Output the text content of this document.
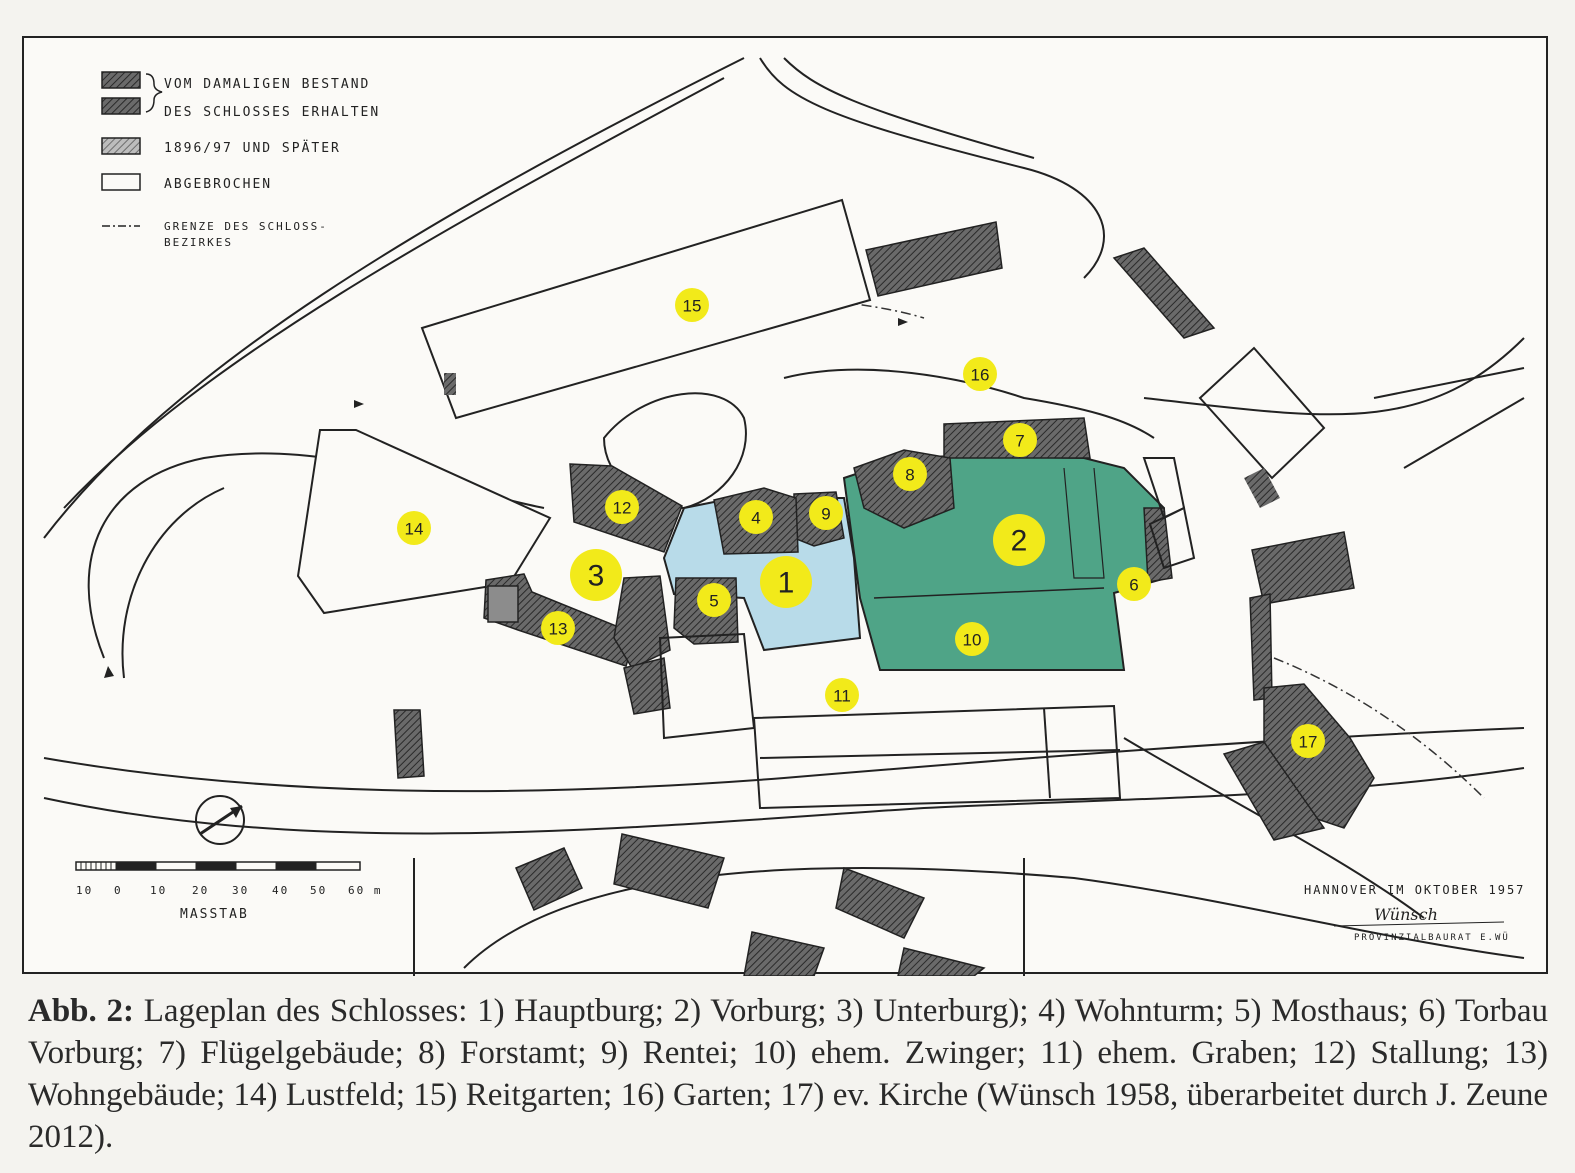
VOM DAMALIGEN BESTAND
DES SCHLOSSES ERHALTEN
1896/97 UND SPÄTER
ABGEBROCHEN
GRENZE DES SCHLOSS-
BEZIRKES
10 0 10 20 30 40 50 60 m
MASSTAB
HANNOVER IM OKTOBER 1957
Wünsch
PROVINZIALBAURAT E.WÜ
1
2
3
4
5
6
7
8
9
10
11
12
13
14
15
16
17
Abb. 2: Lageplan des Schlosses: 1) Hauptburg; 2) Vorburg; 3) Unterburg); 4) Wohnturm; 5) Mosthaus; 6) Torbau Vorburg; 7) Flügelgebäude; 8) Forstamt; 9) Rentei; 10) ehem. Zwinger; 11) ehem. Graben; 12) Stallung; 13) Wohngebäude; 14) Lustfeld; 15) Reitgarten; 16) Garten; 17) ev. Kirche (Wünsch 1958, überarbeitet durch J. Zeune 2012).
